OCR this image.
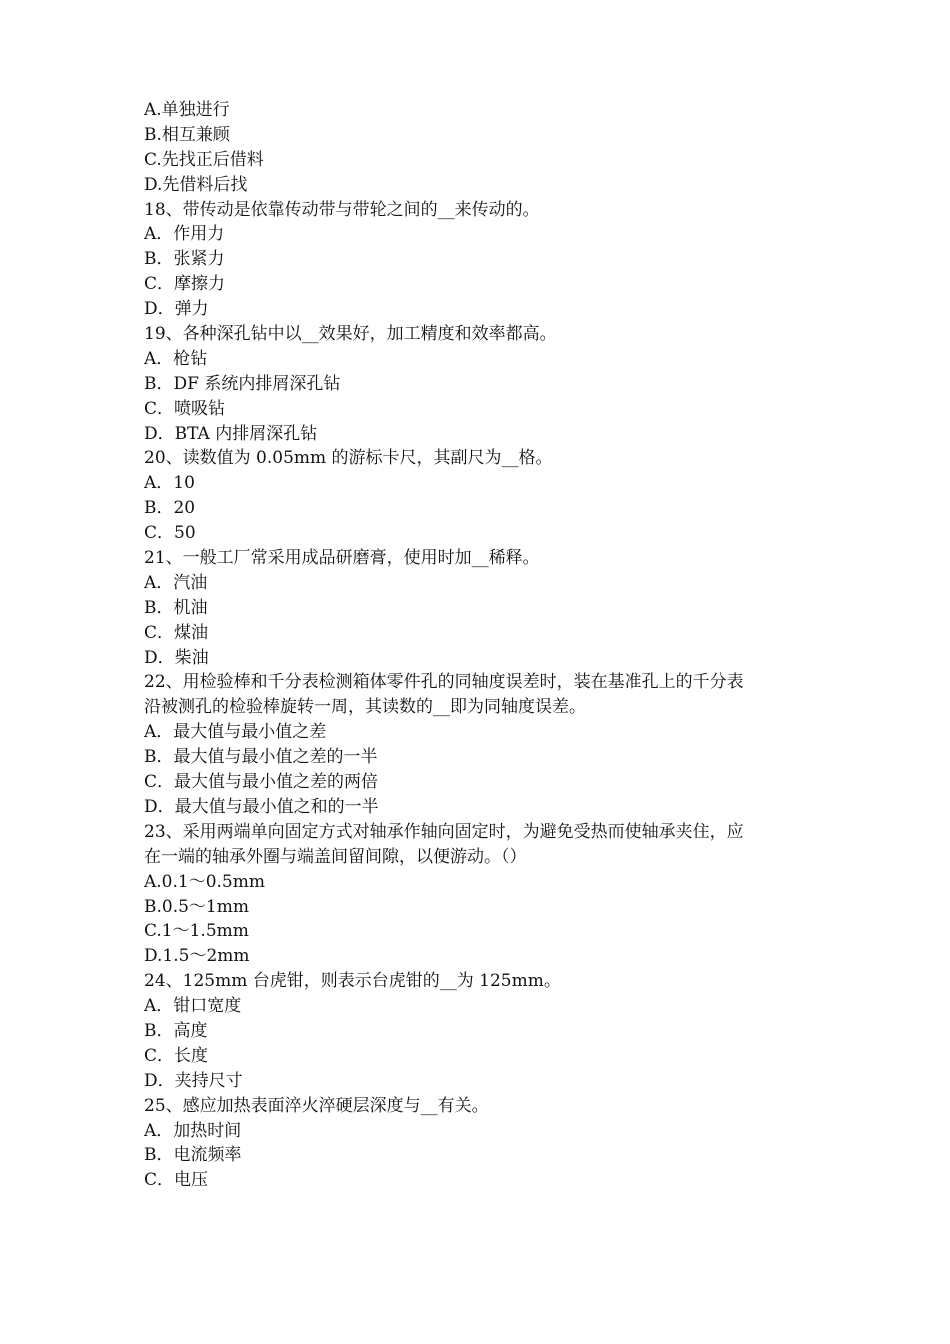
A.单独进行
B.相互兼顾
C.先找正后借料
D.先借料后找
18、带传动是依靠传动带与带轮之间的__来传动的。
A．作用力
B．张紧力
C．摩擦力
D．弹力
19、各种深孔钻中以__效果好，加工精度和效率都高。
A．枪钻
B．DF 系统内排屑深孔钻
C．喷吸钻
D．BTA 内排屑深孔钻
20、读数值为 0.05mm 的游标卡尺，其副尺为__格。
A．10
B．20
C．50
21、一般工厂常采用成品研磨膏，使用时加__稀释。
A．汽油
B．机油
C．煤油
D．柴油
22、用检验棒和千分表检测箱体零件孔的同轴度误差时，装在基准孔上的千分表
沿被测孔的检验棒旋转一周，其读数的__即为同轴度误差。
A．最大值与最小值之差
B．最大值与最小值之差的一半
C．最大值与最小值之差的两倍
D．最大值与最小值之和的一半
23、采用两端单向固定方式对轴承作轴向固定时，为避免受热而使轴承夹住，应
在一端的轴承外圈与端盖间留间隙，以便游动。（）
A.0.1～0.5mm
B.0.5～1mm
C.1～1.5mm
D.1.5～2mm
24、125mm 台虎钳，则表示台虎钳的__为 125mm。
A．钳口宽度
B．高度
C．长度
D．夹持尺寸
25、感应加热表面淬火淬硬层深度与__有关。
A．加热时间
B．电流频率
C．电压
